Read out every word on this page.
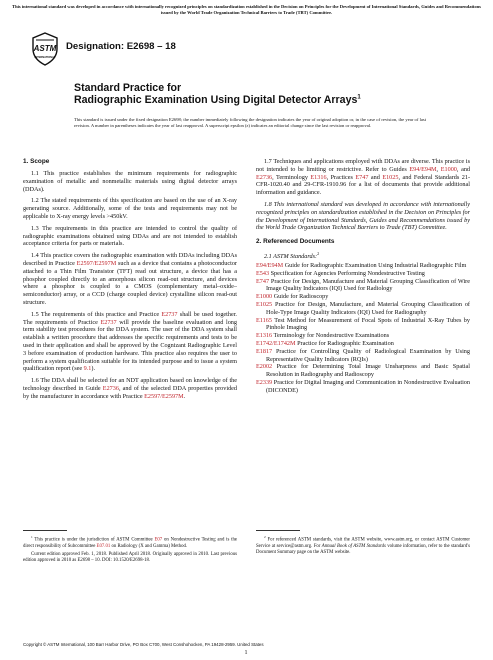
This international standard was developed in accordance with internationally recognized principles on standardization established in the Decision on Principles for the Development of International Standards, Guides and Recommendations issued by the World Trade Organization Technical Barriers to Trade (TBT) Committee.
ASTM
INTERNATIONAL
Designation: E2698 – 18
Standard Practice for
Radiographic Examination Using Digital Detector Arrays$^1$
This standard is issued under the fixed designation E2698; the number immediately following the designation indicates the year of original adoption or, in the case of revision, the year of last revision. A number in parentheses indicates the year of last reapproval. A superscript epsilon (ε) indicates an editorial change since the last revision or reapproval.
1. Scope

1.1 This practice establishes the minimum requirements for radiographic examination of metallic and nonmetallic materials using digital detector arrays (DDAs).

1.2 The stated requirements of this specification are based on the use of an X-ray generating source. Additionally, some of the tests and requirements may not be applicable to X-ray energy levels >450kV.

1.3 The requirements in this practice are intended to control the quality of radiographic examinations obtained using DDAs and are not intended to establish acceptance criteria for parts or materials.

1.4 This practice covers the radiographic examination with DDAs including DDAs described in Practice E2597/E2597M such as a device that contains a photoconductor attached to a Thin Film Transistor (TFT) read out structure, a device that has a phosphor coupled directly to an amorphous silicon read-out structure, and devices where a phosphor is coupled to a CMOS (complementary metal–oxide–semiconductor) array, or a CCD (charge coupled device) crystalline silicon read-out structure.

1.5 The requirements of this practice and Practice E2737 shall be used together. The requirements of Practice E2737 will provide the baseline evaluation and long term stability test procedures for the DDA system. The user of the DDA system shall establish a written procedure that addresses the specific requirements and tests to be used in their application and shall be approved by the Cognizant Radiographic Level 3 before examination of production hardware. This practice also requires the user to perform a system qualification suitable for its intended purpose and to issue a system qualification report (see 9.1).

1.6 The DDA shall be selected for an NDT application based on knowledge of the technology described in Guide E2736, and of the selected DDA properties provided by the manufacturer in accordance with Practice E2597/E2597M.

1.7 Techniques and applications employed with DDAs are diverse. This practice is not intended to be limiting or restrictive. Refer to Guides E94/E94M, E1000, and E2736, Terminology E1316, Practices E747 and E1025, and Federal Standards 21-CFR-1020.40 and 29-CFR-1910.96 for a list of documents that provide additional information and guidance.

1.8 This international standard was developed in accordance with internationally recognized principles on standardization established in the Decision on Principles for the Development of International Standards, Guides and Recommendations issued by the World Trade Organization Technical Barriers to Trade (TBT) Committee.

2. Referenced Documents
2.1 ASTM Standards:$^2$
E94/E94M Guide for Radiographic Examination Using Industrial Radiographic Film
E543 Specification for Agencies Performing Nondestructive Testing
E747 Practice for Design, Manufacture and Material Grouping Classification of Wire Image Quality Indicators (IQI) Used for Radiology
E1000 Guide for Radioscopy
E1025 Practice for Design, Manufacture, and Material Grouping Classification of Hole-Type Image Quality Indicators (IQI) Used for Radiography
E1165 Test Method for Measurement of Focal Spots of Industrial X-Ray Tubes by Pinhole Imaging
E1316 Terminology for Nondestructive Examinations
E1742/E1742M Practice for Radiographic Examination
E1817 Practice for Controlling Quality of Radiological Examination by Using Representative Quality Indicators (RQIs)
E2002 Practice for Determining Total Image Unsharpness and Basic Spatial Resolution in Radiography and Radioscopy
E2339 Practice for Digital Imaging and Communication in Nondestructive Evaluation (DICONDE)
$^1$ This practice is under the jurisdiction of ASTM Committee E07 on Nondestructive Testing and is the direct responsibility of Subcommittee E07.01 on Radiology (X and Gamma) Method.
Current edition approved Feb. 1, 2018. Published April 2018. Originally approved in 2010. Last previous edition approved in 2010 as E2698 – 10. DOI: 10.1520/E2698-18.
$^2$ For referenced ASTM standards, visit the ASTM website, www.astm.org, or contact ASTM Customer Service at service@astm.org. For Annual Book of ASTM Standards volume information, refer to the standard's Document Summary page on the ASTM website.
Copyright © ASTM International, 100 Barr Harbor Drive, PO Box C700, West Conshohocken, PA 19428-2959. United States
1
